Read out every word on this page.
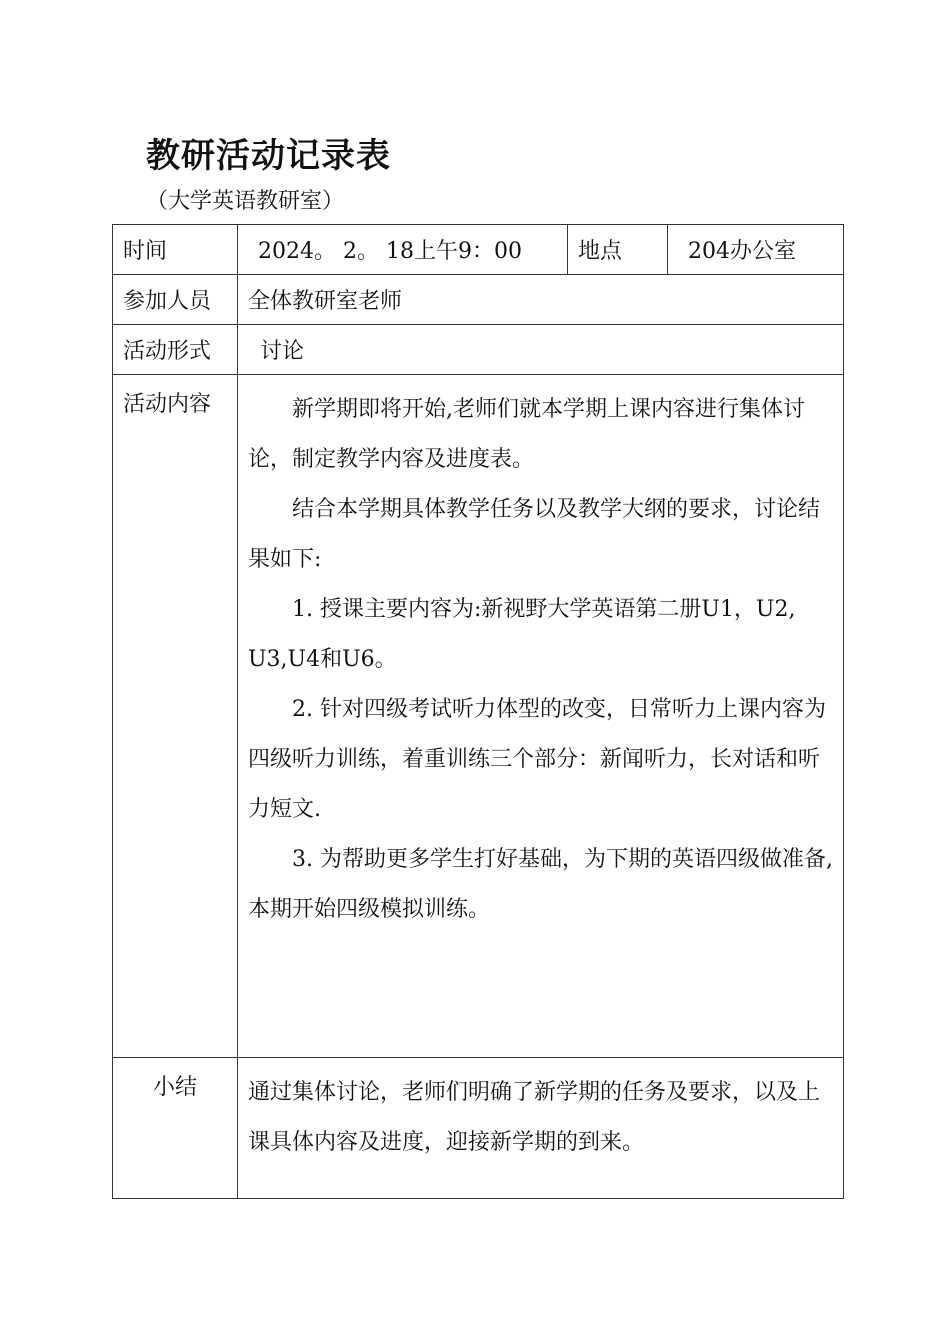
教研活动记录表
（大学英语教研室）
时间	2024。 2。 18上午9：00	地点	204办公室
参加人员	全体教研室老师		
活动形式	讨论		
活动内容	新学期即将开始,老师们就本学期上课内容进行集体讨论，制定教学内容及进度表。

结合本学期具体教学任务以及教学大纲的要求，讨论结果如下:

1. 授课主要内容为:新视野大学英语第二册U1，U2, U3,U4和U6。

2. 针对四级考试听力体型的改变，日常听力上课内容为四级听力训练，着重训练三个部分：新闻听力，长对话和听力短文.

3. 为帮助更多学生打好基础，为下期的英语四级做准备,本期开始四级模拟训练。		

小结	通过集体讨论，老师们明确了新学期的任务及要求，以及上课具体内容及进度，迎接新学期的到来。		
